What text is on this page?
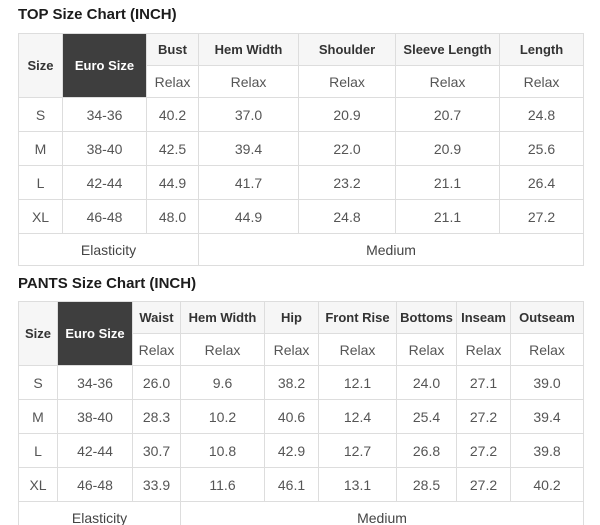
TOP Size Chart (INCH)
Size	Euro Size	Bust	Hem Width	Shoulder	Sleeve Length	Length
		Relax	Relax	Relax	Relax	Relax
S	34-36	40.2	37.0	20.9	20.7	24.8
M	38-40	42.5	39.4	22.0	20.9	25.6
L	42-44	44.9	41.7	23.2	21.1	26.4
XL	46-48	48.0	44.9	24.8	21.1	27.2
Elasticity			Medium			
PANTS Size Chart (INCH)
Size	Euro Size	Waist	Hem Width	Hip	Front Rise	Bottoms	Inseam	Outseam
		Relax	Relax	Relax	Relax	Relax	Relax	Relax
S	34-36	26.0	9.6	38.2	12.1	24.0	27.1	39.0
M	38-40	28.3	10.2	40.6	12.4	25.4	27.2	39.4
L	42-44	30.7	10.8	42.9	12.7	26.8	27.2	39.8
XL	46-48	33.9	11.6	46.1	13.1	28.5	27.2	40.2
Elasticity			Medium					
